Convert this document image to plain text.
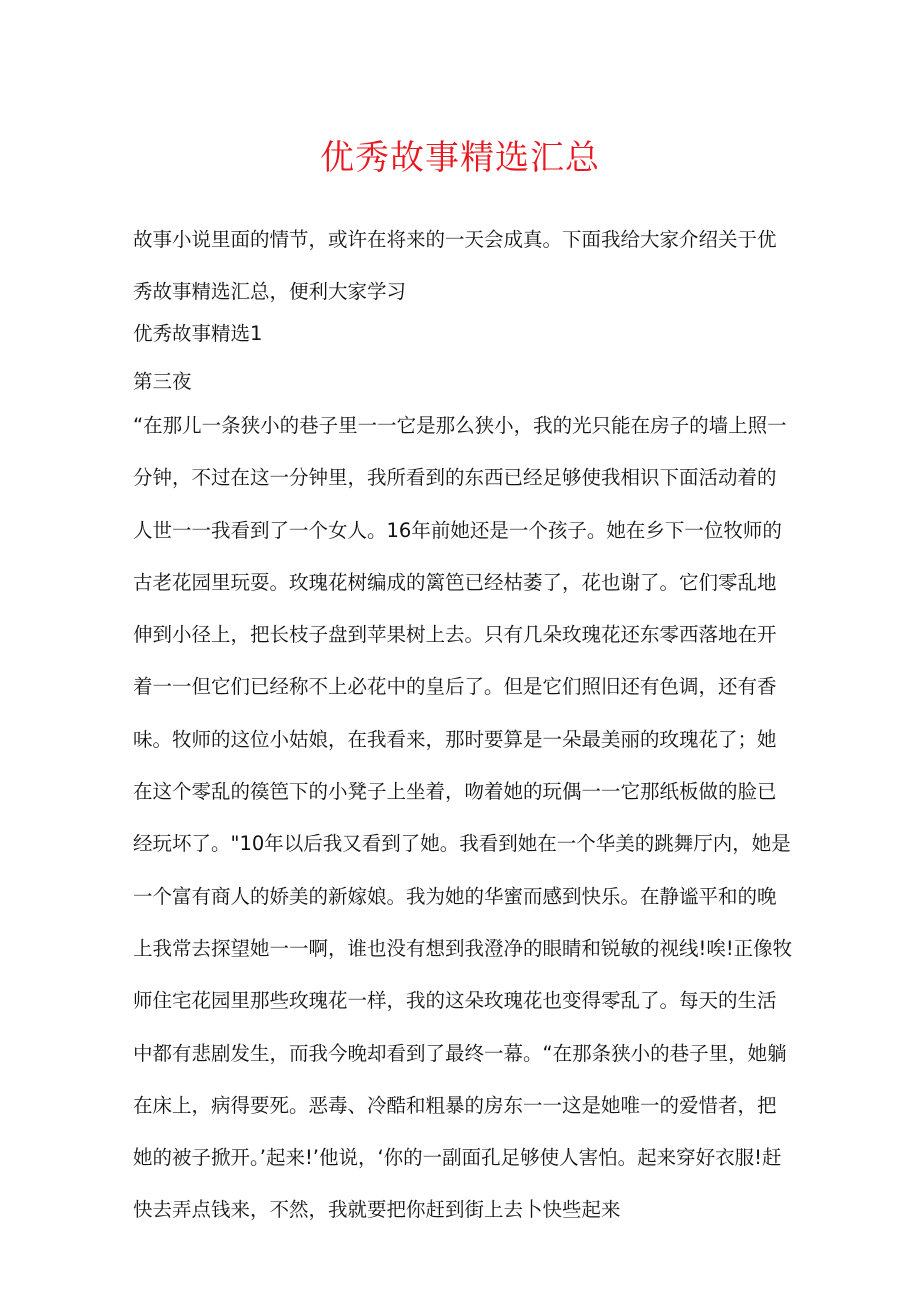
优秀故事精选汇总

故事小说里面的情节，或许在将来的一天会成真。下面我给大家介绍关于优秀故事精选汇总，便利大家学习

优秀故事精选1

第三夜

“在那儿一条狭小的巷子里一一它是那么狭小，我的光只能在房子的墙上照一分钟，不过在这一分钟里，我所看到的东西已经足够使我相识下面活动着的人世一一我看到了一个女人。16年前她还是一个孩子。她在乡下一位牧师的古老花园里玩耍。玫瑰花树编成的篱笆已经枯萎了，花也谢了。它们零乱地伸到小径上，把长枝子盘到苹果树上去。只有几朵玫瑰花还东零西落地在开着一一但它们已经称不上必花中的皇后了。但是它们照旧还有色调，还有香味。牧师的这位小姑娘，在我看来，那时要算是一朵最美丽的玫瑰花了；她在这个零乱的篌笆下的小凳子上坐着，吻着她的玩偶一一它那纸板做的脸已经玩坏了。"10年以后我又看到了她。我看到她在一个华美的跳舞厅内，她是一个富有商人的娇美的新嫁娘。我为她的华蜜而感到快乐。在静谧平和的晚上我常去探望她一一啊，谁也没有想到我澄净的眼睛和锐敏的视线!唉!正像牧师住宅花园里那些玫瑰花一样，我的这朵玫瑰花也变得零乱了。每天的生活中都有悲剧发生，而我今晚却看到了最终一幕。“在那条狭小的巷子里，她躺在床上，病得要死。恶毒、冷酷和粗暴的房东一一这是她唯一的爱惜者，把她的被子掀开。’起来!’他说，‘你的一副面孔足够使人害怕。起来穿好衣服!赶快去弄点钱来，不然，我就要把你赶到街上去卜快些起来
